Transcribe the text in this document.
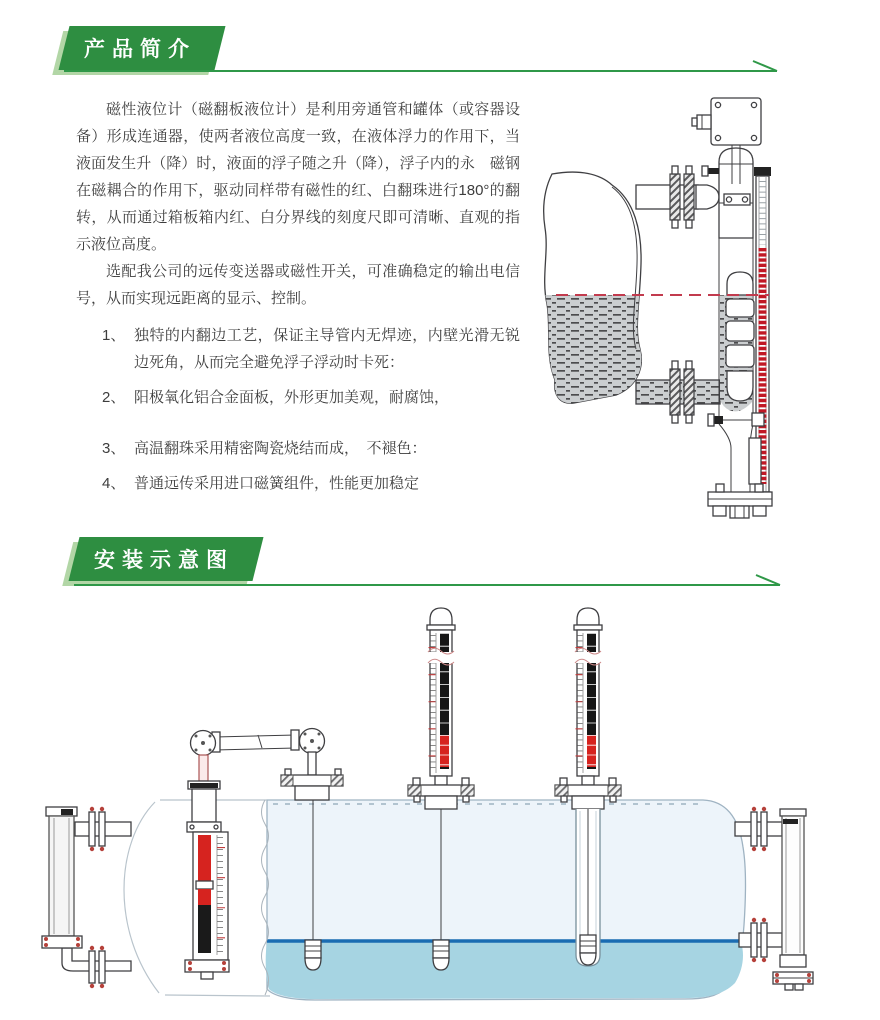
产品简介

磁性液位计（磁翻板液位计）是利用旁通管和罐体（或容器设备）形成连通器，使两者液位高度一致，在液体浮力的作用下，当液面发生升（降）时，液面的浮子随之升（降），浮子内的永　磁钢在磁耦合的作用下，驱动同样带有磁性的红、白翻珠进行180°的翻转，从而通过箱板箱内红、白分界线的刻度尺即可清晰、直观的指示液位高度。

选配我公司的远传变送器或磁性开关，可准确稳定的输出电信号，从而实现远距离的显示、控制。

1、 独特的内翻边工艺，保证主导管内无焊迹，内壁光滑无锐边死角，从而完全避免浮子浮动时卡死：
2、 阳极氧化铝合金面板，外形更加美观，耐腐蚀，
3、 高温翻珠采用精密陶瓷烧结而成，　不褪色：
4、 普通远传采用进口磁簧组件，性能更加稳定
安装示意图
